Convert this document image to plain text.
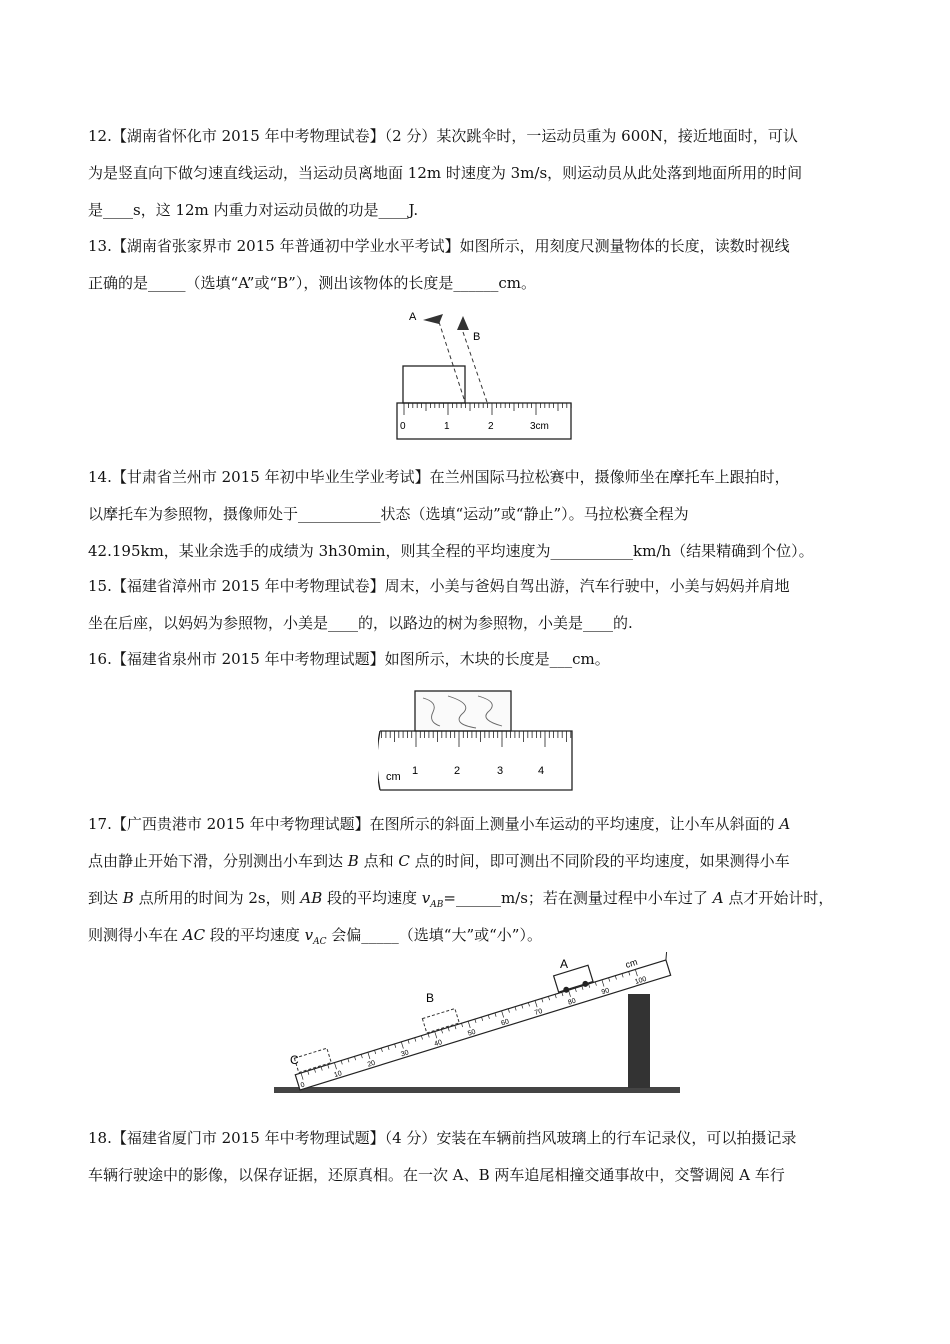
12.【湖南省怀化市 2015 年中考物理试卷】（2 分）某次跳伞时，一运动员重为 600N，接近地面时，可认
为是竖直向下做匀速直线运动，当运动员离地面 12m 时速度为 3m/s，则运动员从此处落到地面所用的时间
是____s，这 12m 内重力对运动员做的功是____J.
13.【湖南省张家界市 2015 年普通初中学业水平考试】如图所示，用刻度尺测量物体的长度，读数时视线
正确的是_____（选填“A”或“B”），测出该物体的长度是______cm。
A
B
0	1	2	3cm
14.【甘肃省兰州市 2015 年初中毕业生学业考试】在兰州国际马拉松赛中，摄像师坐在摩托车上跟拍时，
以摩托车为参照物，摄像师处于___________状态（选填“运动”或“静止”）。马拉松赛全程为
42.195km，某业余选手的成绩为 3h30min，则其全程的平均速度为___________km/h（结果精确到个位）。
15.【福建省漳州市 2015 年中考物理试卷】周末，小美与爸妈自驾出游，汽车行驶中，小美与妈妈并肩地
坐在后座，以妈妈为参照物，小美是____的，以路边的树为参照物，小美是____的.
16.【福建省泉州市 2015 年中考物理试题】如图所示，木块的长度是___cm。
cm 1	2	3	4
17.【广西贵港市 2015 年中考物理试题】在图所示的斜面上测量小车运动的平均速度，让小车从斜面的 A
点由静止开始下滑，分别测出小车到达 B 点和 C 点的时间，即可测出不同阶段的平均速度，如果测得小车
到达 B 点所用的时间为 2s，则 AB 段的平均速度 $v_{AB}=\_\_\_\_\_\_m/s$；若在测量过程中小车过了 A 点才开始计时，
则测得小车在 AC 段的平均速度 $v_{AC}$ 会偏_____（选填“大”或“小”）。
0
10
20
30
40
50
60
70
80
90
100
cm
C
B
A
18.【福建省厦门市 2015 年中考物理试题】（4 分）安装在车辆前挡风玻璃上的行车记录仪，可以拍摄记录
车辆行驶途中的影像，以保存证据，还原真相。在一次 A、B 两车追尾相撞交通事故中，交警调阅 A 车行
